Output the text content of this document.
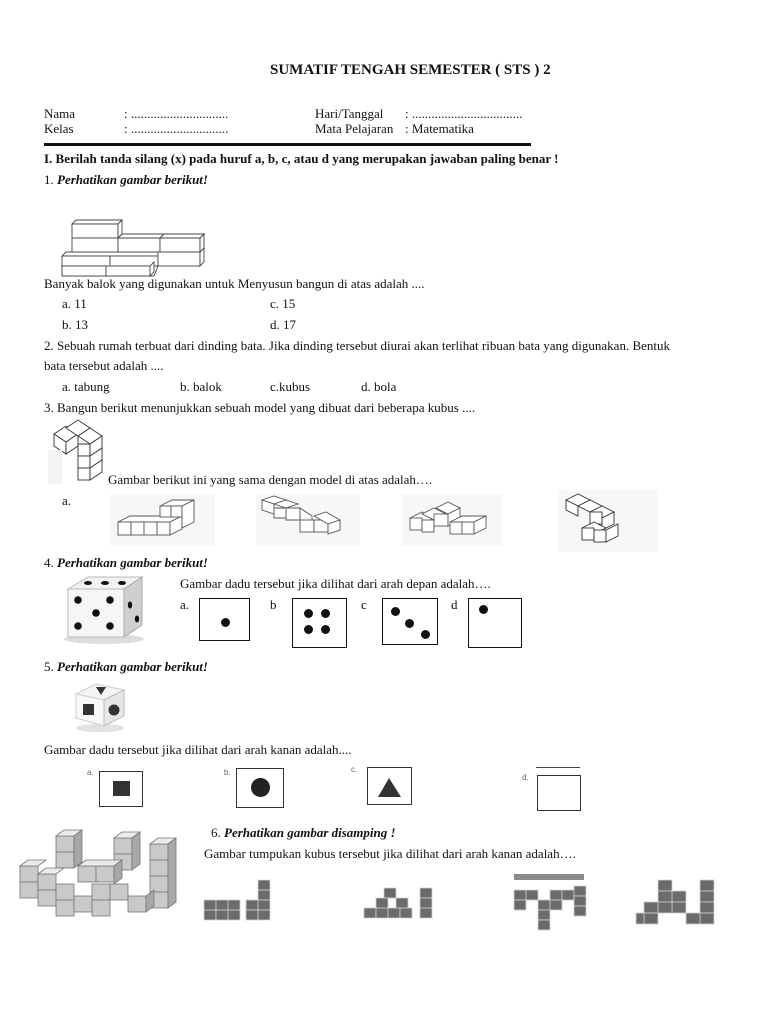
SUMATIF TENGAH SEMESTER ( STS ) 2
Nama	: ..............................
Kelas	: ..............................
Hari/Tanggal : ..................................
Mata Pelajaran : Matematika
I. Berilah tanda silang (x) pada huruf a, b, c, atau d yang merupakan jawaban paling benar !
1. Perhatikan gambar berikut!
Banyak balok yang digunakan untuk Menyusun bangun di atas adalah ....
a. 11
b. 13
c. 15
d. 17
2. Sebuah rumah terbuat dari dinding bata. Jika dinding tersebut diurai akan terlihat ribuan bata yang digunakan. Bentuk
bata tersebut adalah ....
a. tabung	b. balok	c.kubus	d. bola
3. Bangun berikut menunjukkan sebuah model yang dibuat dari beberapa kubus ....
Gambar berikut ini yang sama dengan model di atas adalah….
a.
4. Perhatikan gambar berikut!
Gambar dadu tersebut jika dilihat dari arah depan adalah….
a.	b	c	d
5. Perhatikan gambar berikut!
Gambar dadu tersebut jika dilihat dari arah kanan adalah....
a.	b.	c.
d.
6. Perhatikan gambar disamping !
Gambar tumpukan kubus tersebut jika dilihat dari arah kanan adalah….
